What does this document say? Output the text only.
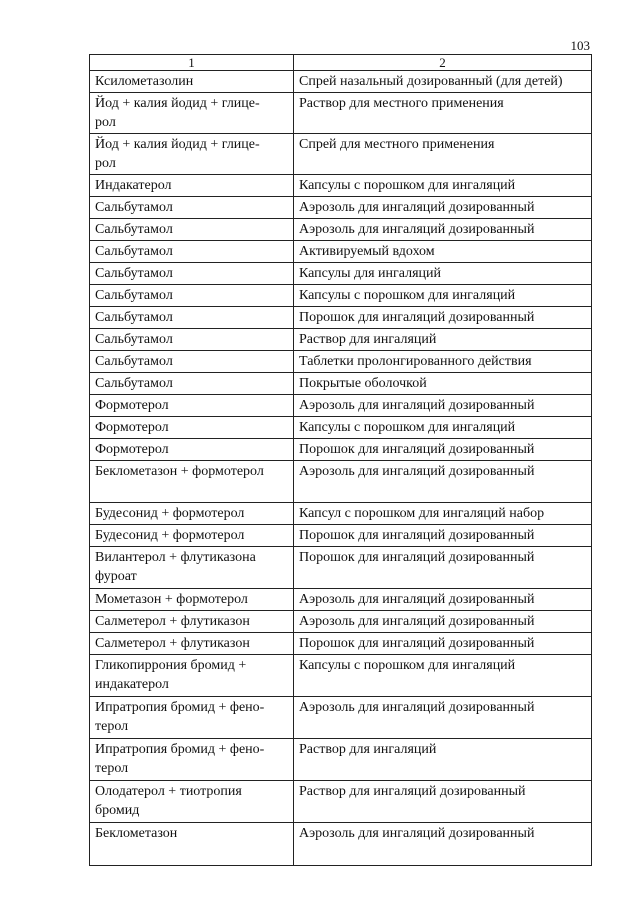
103
1	2

Ксилометазолин	Спрей назальный дозированный (для детей)

Йод + калия йодид + глице-
рол	Раствор для местного применения

Йод + калия йодид + глице-
рол	Спрей для местного применения

Индакатерол	Капсулы с порошком для ингаляций

Сальбутамол	Аэрозоль для ингаляций дозированный

Сальбутамол	Аэрозоль для ингаляций дозированный

Сальбутамол	Активируемый вдохом

Сальбутамол	Капсулы для ингаляций

Сальбутамол	Капсулы с порошком для ингаляций

Сальбутамол	Порошок для ингаляций дозированный

Сальбутамол	Раствор для ингаляций

Сальбутамол	Таблетки пролонгированного действия

Сальбутамол	Покрытые оболочкой

Формотерол	Аэрозоль для ингаляций дозированный

Формотерол	Капсулы с порошком для ингаляций

Формотерол	Порошок для ингаляций дозированный

Беклометазон + формотерол	Аэрозоль для ингаляций дозированный

Будесонид + формотерол	Капсул с порошком для ингаляций набор

Будесонид + формотерол	Порошок для ингаляций дозированный

Вилантерол + флутиказона
фуроат	Порошок для ингаляций дозированный

Мометазон + формотерол	Аэрозоль для ингаляций дозированный

Салметерол + флутиказон	Аэрозоль для ингаляций дозированный

Салметерол + флутиказон	Порошок для ингаляций дозированный

Гликопиррония бромид +
индакатерол	Капсулы с порошком для ингаляций

Ипратропия бромид + фено-
терол	Аэрозоль для ингаляций дозированный

Ипратропия бромид + фено-
терол	Раствор для ингаляций

Олодатерол + тиотропия
бромид	Раствор для ингаляций дозированный

Беклометазон	Аэрозоль для ингаляций дозированный
